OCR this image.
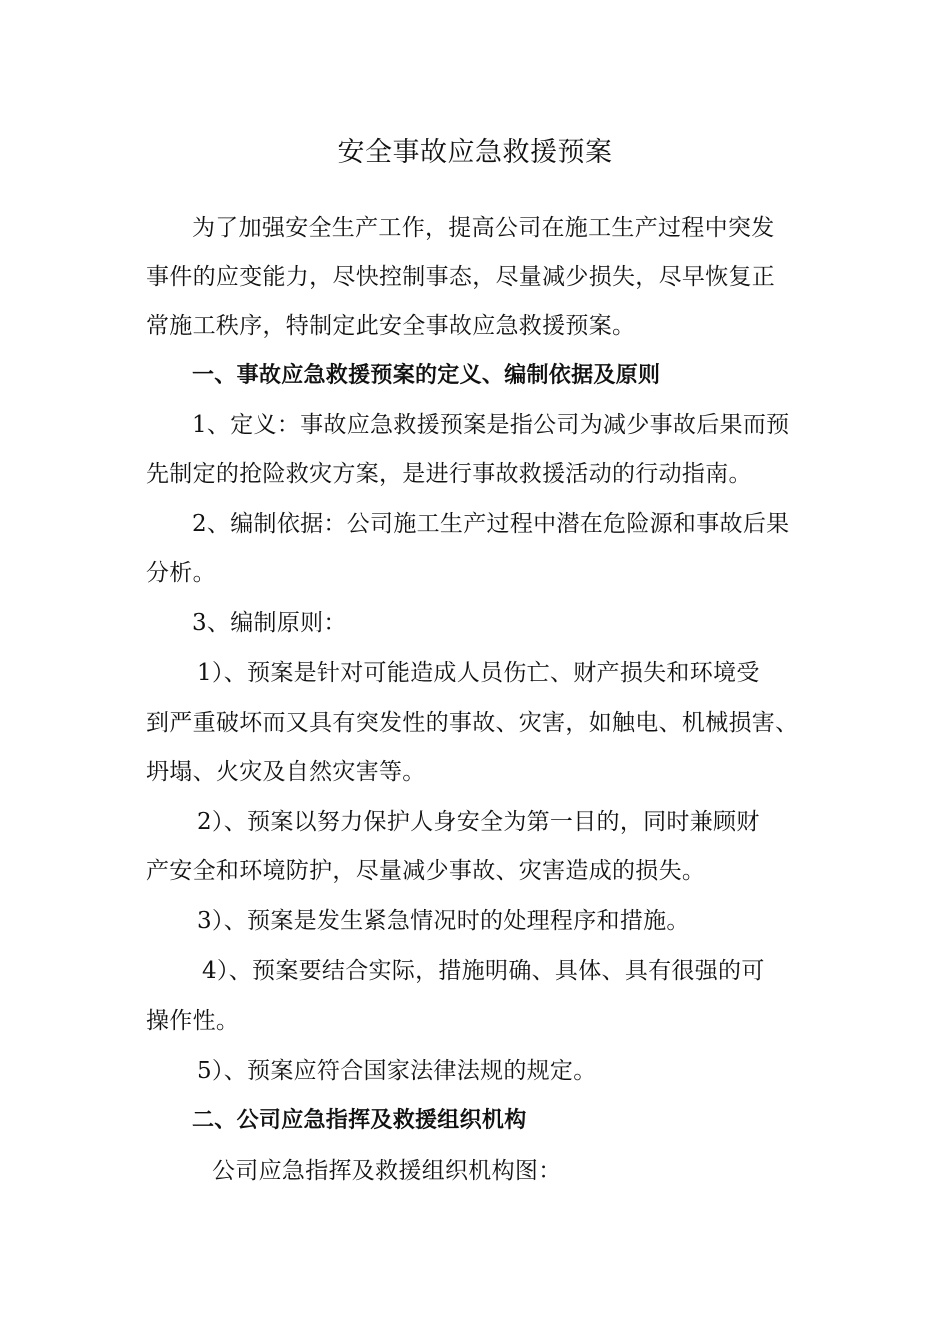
安全事故应急救援预案

为了加强安全生产工作，提高公司在施工生产过程中突发

事件的应变能力，尽快控制事态，尽量减少损失，尽早恢复正

常施工秩序，特制定此安全事故应急救援预案。

一、事故应急救援预案的定义、编制依据及原则

1、定义：事故应急救援预案是指公司为减少事故后果而预

先制定的抢险救灾方案，是进行事故救援活动的行动指南。

2、编制依据：公司施工生产过程中潜在危险源和事故后果

分析。

3、编制原则：

1）、预案是针对可能造成人员伤亡、财产损失和环境受

到严重破坏而又具有突发性的事故、灾害，如触电、机械损害、

坍塌、火灾及自然灾害等。

2）、预案以努力保护人身安全为第一目的，同时兼顾财

产安全和环境防护，尽量减少事故、灾害造成的损失。

3）、预案是发生紧急情况时的处理程序和措施。

4）、预案要结合实际，措施明确、具体、具有很强的可

操作性。

5）、预案应符合国家法律法规的规定。

二、公司应急指挥及救援组织机构

公司应急指挥及救援组织机构图：
